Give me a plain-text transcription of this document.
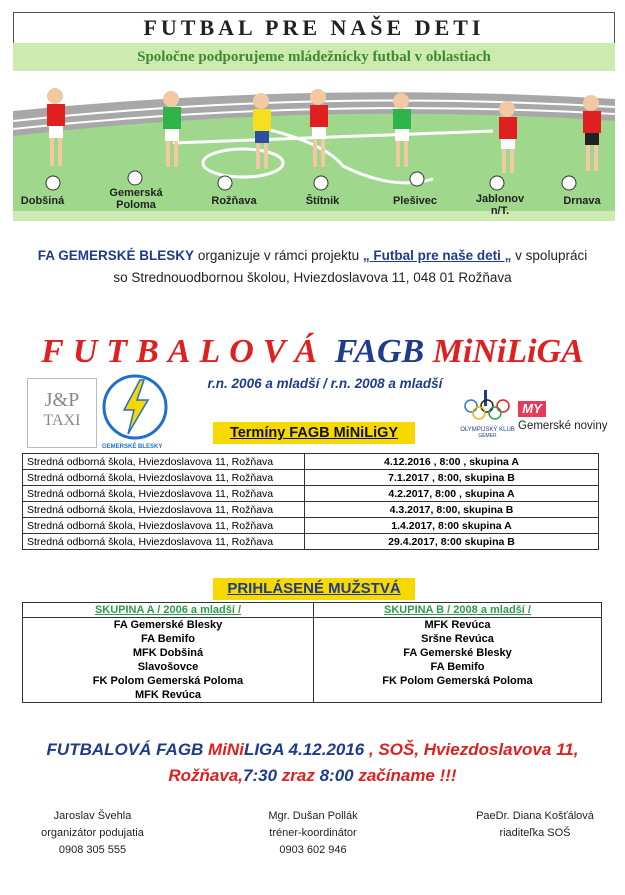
FUTBAL PRE NAŠE DETI
Spoločne podporujeme mládežnícky futbal v oblastiach
Dobšiná
Gemerská Poloma	Rožňava	Štítnik	Plešivec	Jablonov n/T.
Drnava
FA GEMERSKÉ BLESKY organizuje v rámci projektu „ Futbal pre naše deti „ v spolupráci so Strednouodbornou školou, Hviezdoslavova 11, 048 01 Rožňava
FUTBALOVÁ FAGB MiNiLiGA
r.n. 2006 a mladší / r.n. 2008 a mladší
J&P
TAXI
GEMERSKÉ BLESKY
OLYMPIJSKÝ KLUB
GEMER
MY
Gemerské noviny
Termíny FAGB MiNiLiGY
Stredná odborná škola, Hviezdoslavova 11, Rožňava	4.12.2016 , 8:00 , skupina A
Stredná odborná škola, Hviezdoslavova 11, Rožňava	7.1.2017 , 8:00, skupina B
Stredná odborná škola, Hviezdoslavova 11, Rožňava	4.2.2017, 8:00 , skupina A
Stredná odborná škola, Hviezdoslavova 11, Rožňava	4.3.2017, 8:00, skupina B
Stredná odborná škola, Hviezdoslavova 11, Rožňava	1.4.2017, 8:00 skupina A
Stredná odborná škola, Hviezdoslavova 11, Rožňava	29.4.2017, 8:00 skupina B
PRIHLÁSENÉ MUŽSTVÁ
SKUPINA A / 2006 a mladší /	SKUPINA B / 2008 a mladší /
FA Gemerské Blesky	MFK Revúca
FA Bemifo	Sršne Revúca
MFK Dobšiná	FA Gemerské Blesky
Slavošovce	FA Bemifo
FK Polom Gemerská Poloma	FK Polom Gemerská Poloma
MFK Revúca	
FUTBALOVÁ FAGB MiNiLIGA 4.12.2016 , SOŠ, Hviezdoslavova 11,
Rožňava,7:30 zraz 8:00 začíname !!!
Jaroslav Švehla
organizátor podujatia
0908 305 555
Mgr. Dušan Pollák
tréner-koordinátor
0903 602 946
PaeDr. Diana Košťálová
riaditeľka SOŠ
